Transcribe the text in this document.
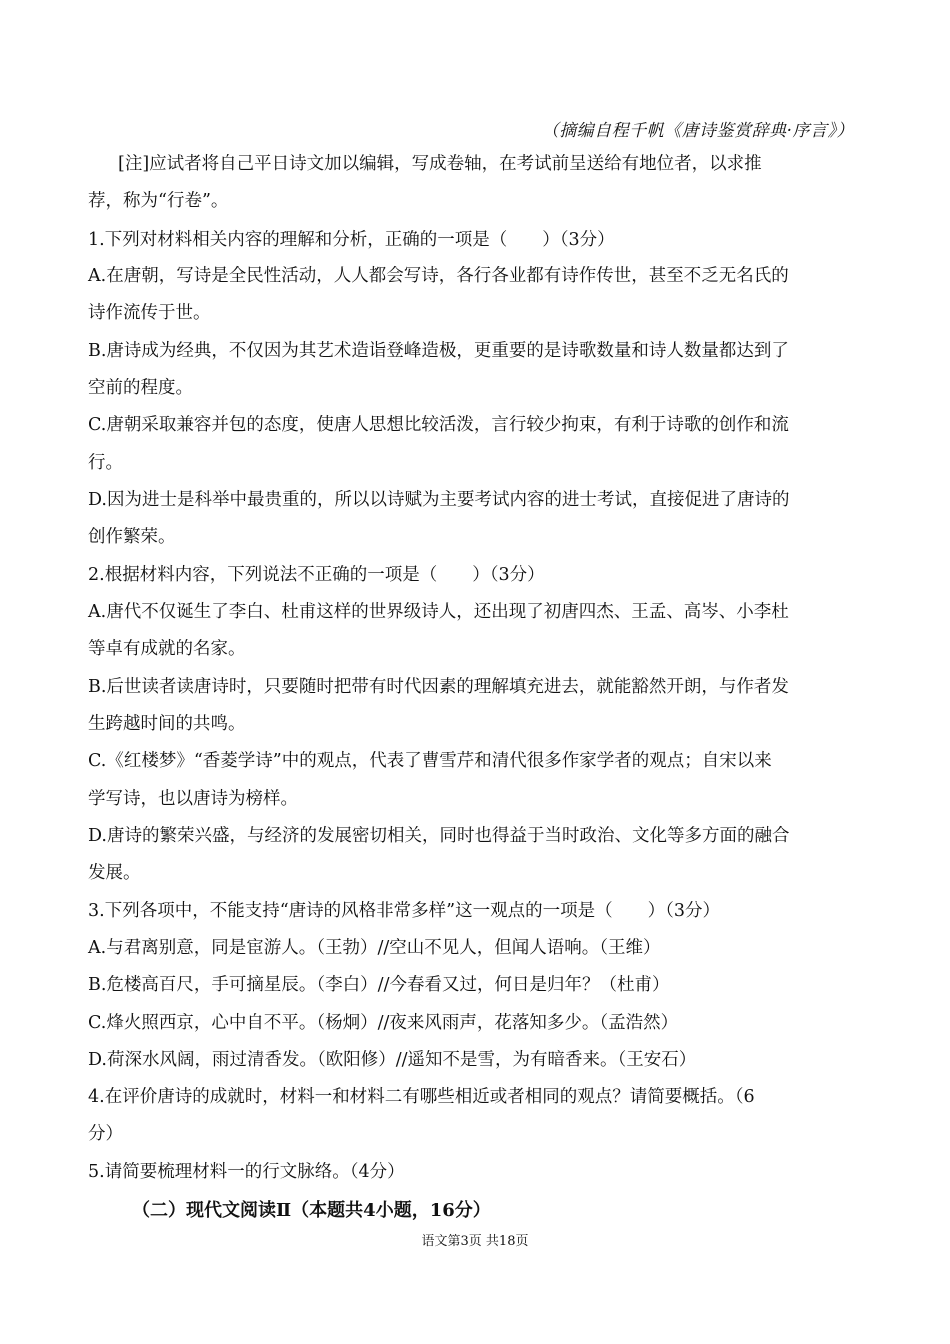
（摘编自程千帆《唐诗鉴赏辞典·序言》）
[注]应试者将自己平日诗文加以编辑，写成卷轴，在考试前呈送给有地位者，以求推
荐，称为“行卷”。
1.下列对材料相关内容的理解和分析，正确的一项是（　　）（3分）
A.在唐朝，写诗是全民性活动，人人都会写诗，各行各业都有诗作传世，甚至不乏无名氏的
诗作流传于世。
B.唐诗成为经典，不仅因为其艺术造诣登峰造极，更重要的是诗歌数量和诗人数量都达到了
空前的程度。
C.唐朝采取兼容并包的态度，使唐人思想比较活泼，言行较少拘束，有利于诗歌的创作和流
行。
D.因为进士是科举中最贵重的，所以以诗赋为主要考试内容的进士考试，直接促进了唐诗的
创作繁荣。
2.根据材料内容，下列说法不正确的一项是（　　）（3分）
A.唐代不仅诞生了李白、杜甫这样的世界级诗人，还出现了初唐四杰、王孟、高岑、小李杜
等卓有成就的名家。
B.后世读者读唐诗时，只要随时把带有时代因素的理解填充进去，就能豁然开朗，与作者发
生跨越时间的共鸣。
C.《红楼梦》“香菱学诗”中的观点，代表了曹雪芹和清代很多作家学者的观点；自宋以来
学写诗，也以唐诗为榜样。
D.唐诗的繁荣兴盛，与经济的发展密切相关，同时也得益于当时政治、文化等多方面的融合
发展。
3.下列各项中，不能支持“唐诗的风格非常多样”这一观点的一项是（　　）（3分）
A.与君离别意，同是宦游人。（王勃）//空山不见人，但闻人语响。（王维）
B.危楼高百尺，手可摘星辰。（李白）//今春看又过，何日是归年？（杜甫）
C.烽火照西京，心中自不平。（杨炯）//夜来风雨声，花落知多少。（孟浩然）
D.荷深水风阔，雨过清香发。（欧阳修）//遥知不是雪，为有暗香来。（王安石）
4.在评价唐诗的成就时，材料一和材料二有哪些相近或者相同的观点？请简要概括。（6
分）
5.请简要梳理材料一的行文脉络。（4分）
（二）现代文阅读Ⅱ（本题共4小题，16分）
语文第3页 共18页
